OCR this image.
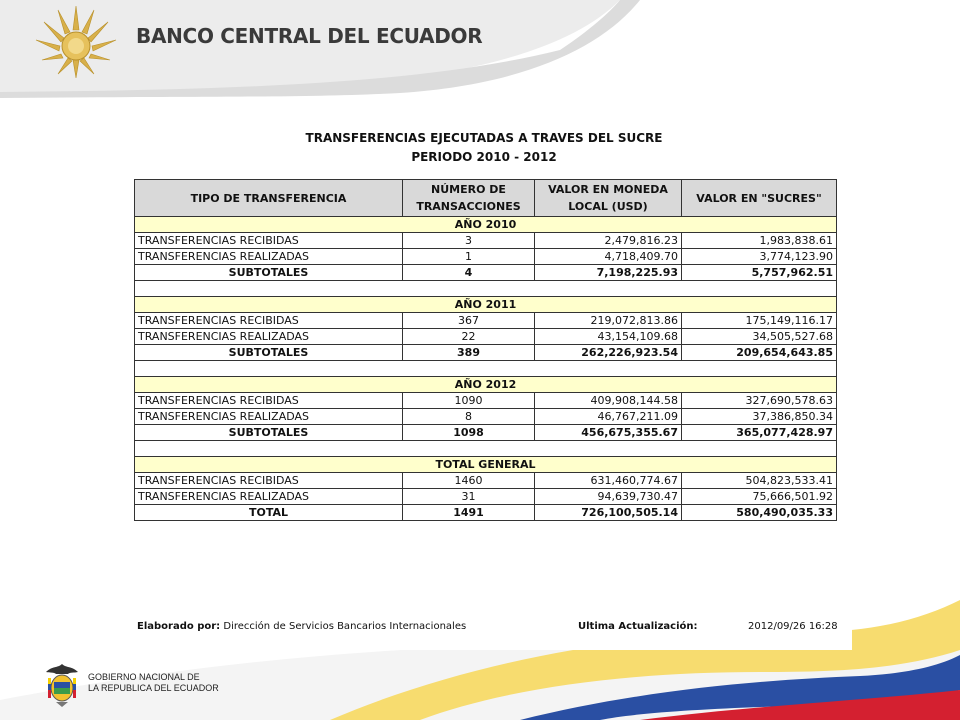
BANCO CENTRAL DEL ECUADOR
TRANSFERENCIAS EJECUTADAS A TRAVES DEL SUCRE
PERIODO 2010 - 2012
TIPO DE TRANSFERENCIA	NÚMERO DE TRANSACCIONES	VALOR EN MONEDA LOCAL (USD)	VALOR EN "SUCRES"
AÑO 2010			
TRANSFERENCIAS RECIBIDAS	3	2,479,816.23	1,983,838.61
TRANSFERENCIAS REALIZADAS	1	4,718,409.70	3,774,123.90
SUBTOTALES	4	7,198,225.93	5,757,962.51

AÑO 2011			
TRANSFERENCIAS RECIBIDAS	367	219,072,813.86	175,149,116.17
TRANSFERENCIAS REALIZADAS	22	43,154,109.68	34,505,527.68
SUBTOTALES	389	262,226,923.54	209,654,643.85

AÑO 2012			
TRANSFERENCIAS RECIBIDAS	1090	409,908,144.58	327,690,578.63
TRANSFERENCIAS REALIZADAS	8	46,767,211.09	37,386,850.34
SUBTOTALES	1098	456,675,355.67	365,077,428.97

TOTAL GENERAL			
TRANSFERENCIAS RECIBIDAS	1460	631,460,774.67	504,823,533.41
TRANSFERENCIAS REALIZADAS	31	94,639,730.47	75,666,501.92
TOTAL	1491	726,100,505.14	580,490,035.33
Elaborado por: Dirección de Servicios Bancarios Internacionales	Ultima Actualización:	2012/09/26 16:28
GOBIERNO NACIONAL DE
LA REPUBLICA DEL ECUADOR
